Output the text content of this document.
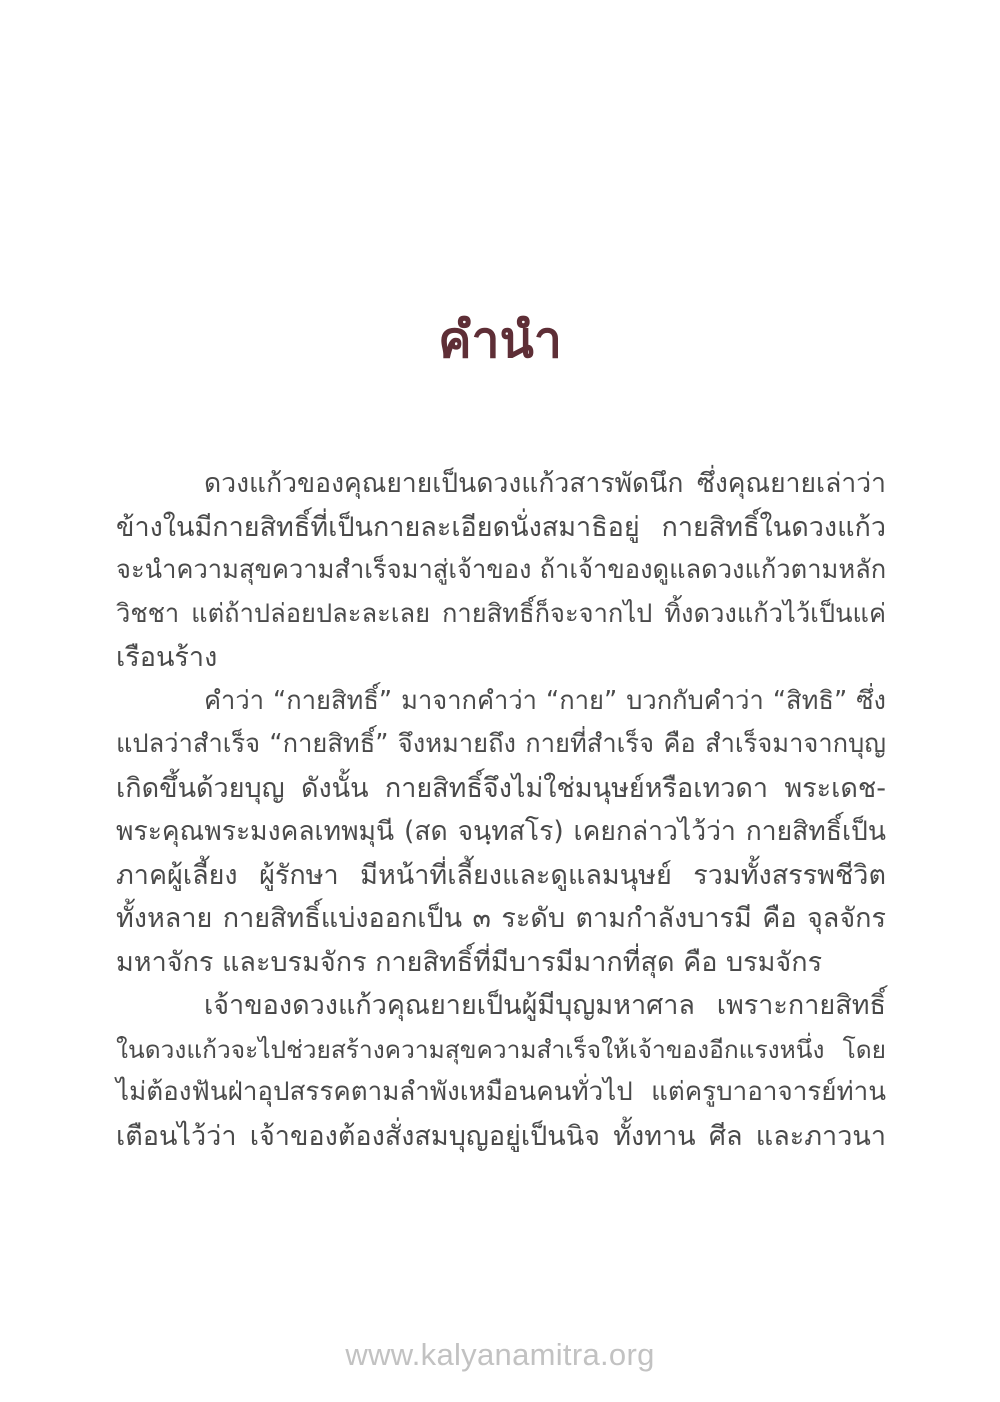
คำนำ
ดวงแก้วของคุณยายเป็นดวงแก้วสารพัดนึก ซึ่งคุณยายเล่าว่า
ข้างในมีกายสิทธิ์ที่เป็นกายละเอียดนั่งสมาธิอยู่ กายสิทธิ์ในดวงแก้ว
จะนำความสุขความสำเร็จมาสู่เจ้าของ ถ้าเจ้าของดูแลดวงแก้วตามหลัก
วิชชา แต่ถ้าปล่อยปละละเลย กายสิทธิ์ก็จะจากไป ทิ้งดวงแก้วไว้เป็นแค่
เรือนร้าง
คำว่า “กายสิทธิ์” มาจากคำว่า “กาย” บวกกับคำว่า “สิทธิ” ซึ่ง
แปลว่าสำเร็จ “กายสิทธิ์” จึงหมายถึง กายที่สำเร็จ คือ สำเร็จมาจากบุญ
เกิดขึ้นด้วยบุญ ดังนั้น กายสิทธิ์จึงไม่ใช่มนุษย์หรือเทวดา พระเดช-
พระคุณพระมงคลเทพมุนี (สด จนฺทสโร) เคยกล่าวไว้ว่า กายสิทธิ์เป็น
ภาคผู้เลี้ยง ผู้รักษา มีหน้าที่เลี้ยงและดูแลมนุษย์ รวมทั้งสรรพชีวิต
ทั้งหลาย กายสิทธิ์แบ่งออกเป็น ๓ ระดับ ตามกำลังบารมี คือ จุลจักร
มหาจักร และบรมจักร กายสิทธิ์ที่มีบารมีมากที่สุด คือ บรมจักร
เจ้าของดวงแก้วคุณยายเป็นผู้มีบุญมหาศาล เพราะกายสิทธิ์
ในดวงแก้วจะไปช่วยสร้างความสุขความสำเร็จให้เจ้าของอีกแรงหนึ่ง โดย
ไม่ต้องฟันฝ่าอุปสรรคตามลำพังเหมือนคนทั่วไป แต่ครูบาอาจารย์ท่าน
เตือนไว้ว่า เจ้าของต้องสั่งสมบุญอยู่เป็นนิจ ทั้งทาน ศีล และภาวนา
www.kalyanamitra.org
